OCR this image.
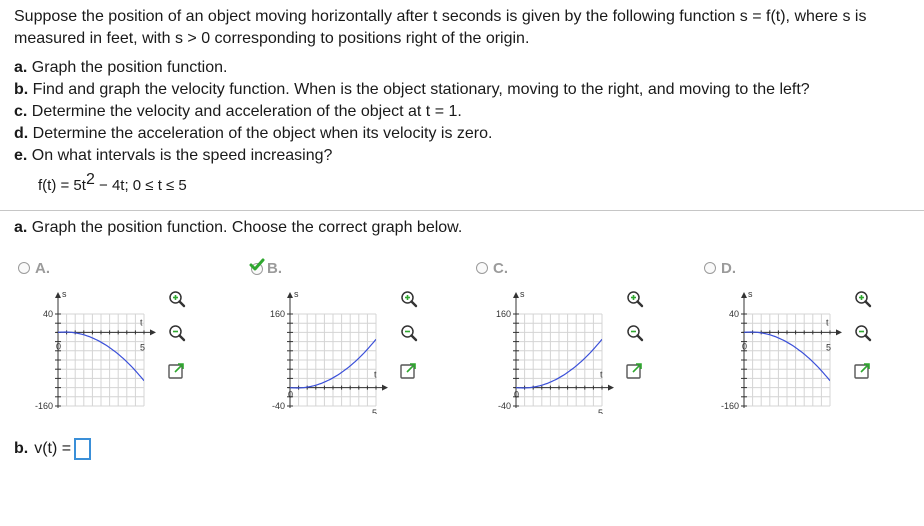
Suppose the position of an object moving horizontally after t seconds is given by the following function s = f(t), where s is measured in feet, with s > 0 corresponding to positions right of the origin.
a. Graph the position function.
b. Find and graph the velocity function. When is the object stationary, moving to the right, and moving to the left?
c. Determine the velocity and acceleration of the object at t = 1.
d. Determine the acceleration of the object when its velocity is zero.
e. On what intervals is the speed increasing?
$f(t) = 5t^2 - 4t$; 0 ≤ t ≤ 5
a. Graph the position function. Choose the correct graph below.
A.
s
40
-160
0	5
t
B.
s
160
-40
0
5
t
C.
s
160
-40
0
5
t
D.
s
40
-160
0	5
t
b. v(t) =
